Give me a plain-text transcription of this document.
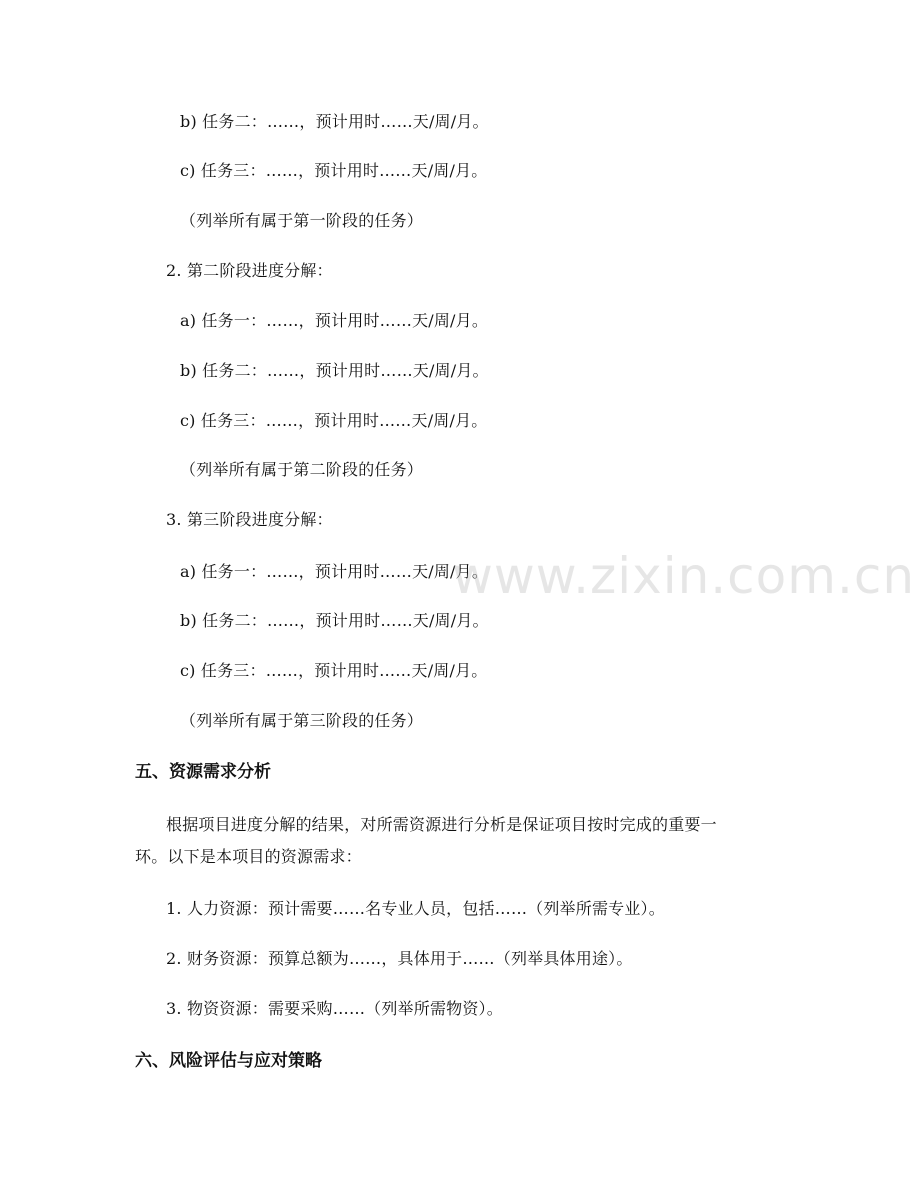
b) 任务二：……，预计用时……天/周/月。
c) 任务三：……，预计用时……天/周/月。
（列举所有属于第一阶段的任务）
2. 第二阶段进度分解：
a) 任务一：……，预计用时……天/周/月。
b) 任务二：……，预计用时……天/周/月。
c) 任务三：……，预计用时……天/周/月。
（列举所有属于第二阶段的任务）
3. 第三阶段进度分解：
a) 任务一：……，预计用时……天/周/月。
b) 任务二：……，预计用时……天/周/月。
c) 任务三：……，预计用时……天/周/月。
（列举所有属于第三阶段的任务）
五、资源需求分析
根据项目进度分解的结果，对所需资源进行分析是保证项目按时完成的重要一
环。以下是本项目的资源需求：
1. 人力资源：预计需要……名专业人员，包括……（列举所需专业）。
2. 财务资源：预算总额为……，具体用于……（列举具体用途）。
3. 物资资源：需要采购……（列举所需物资）。
六、风险评估与应对策略
www.zixin.com.cn
